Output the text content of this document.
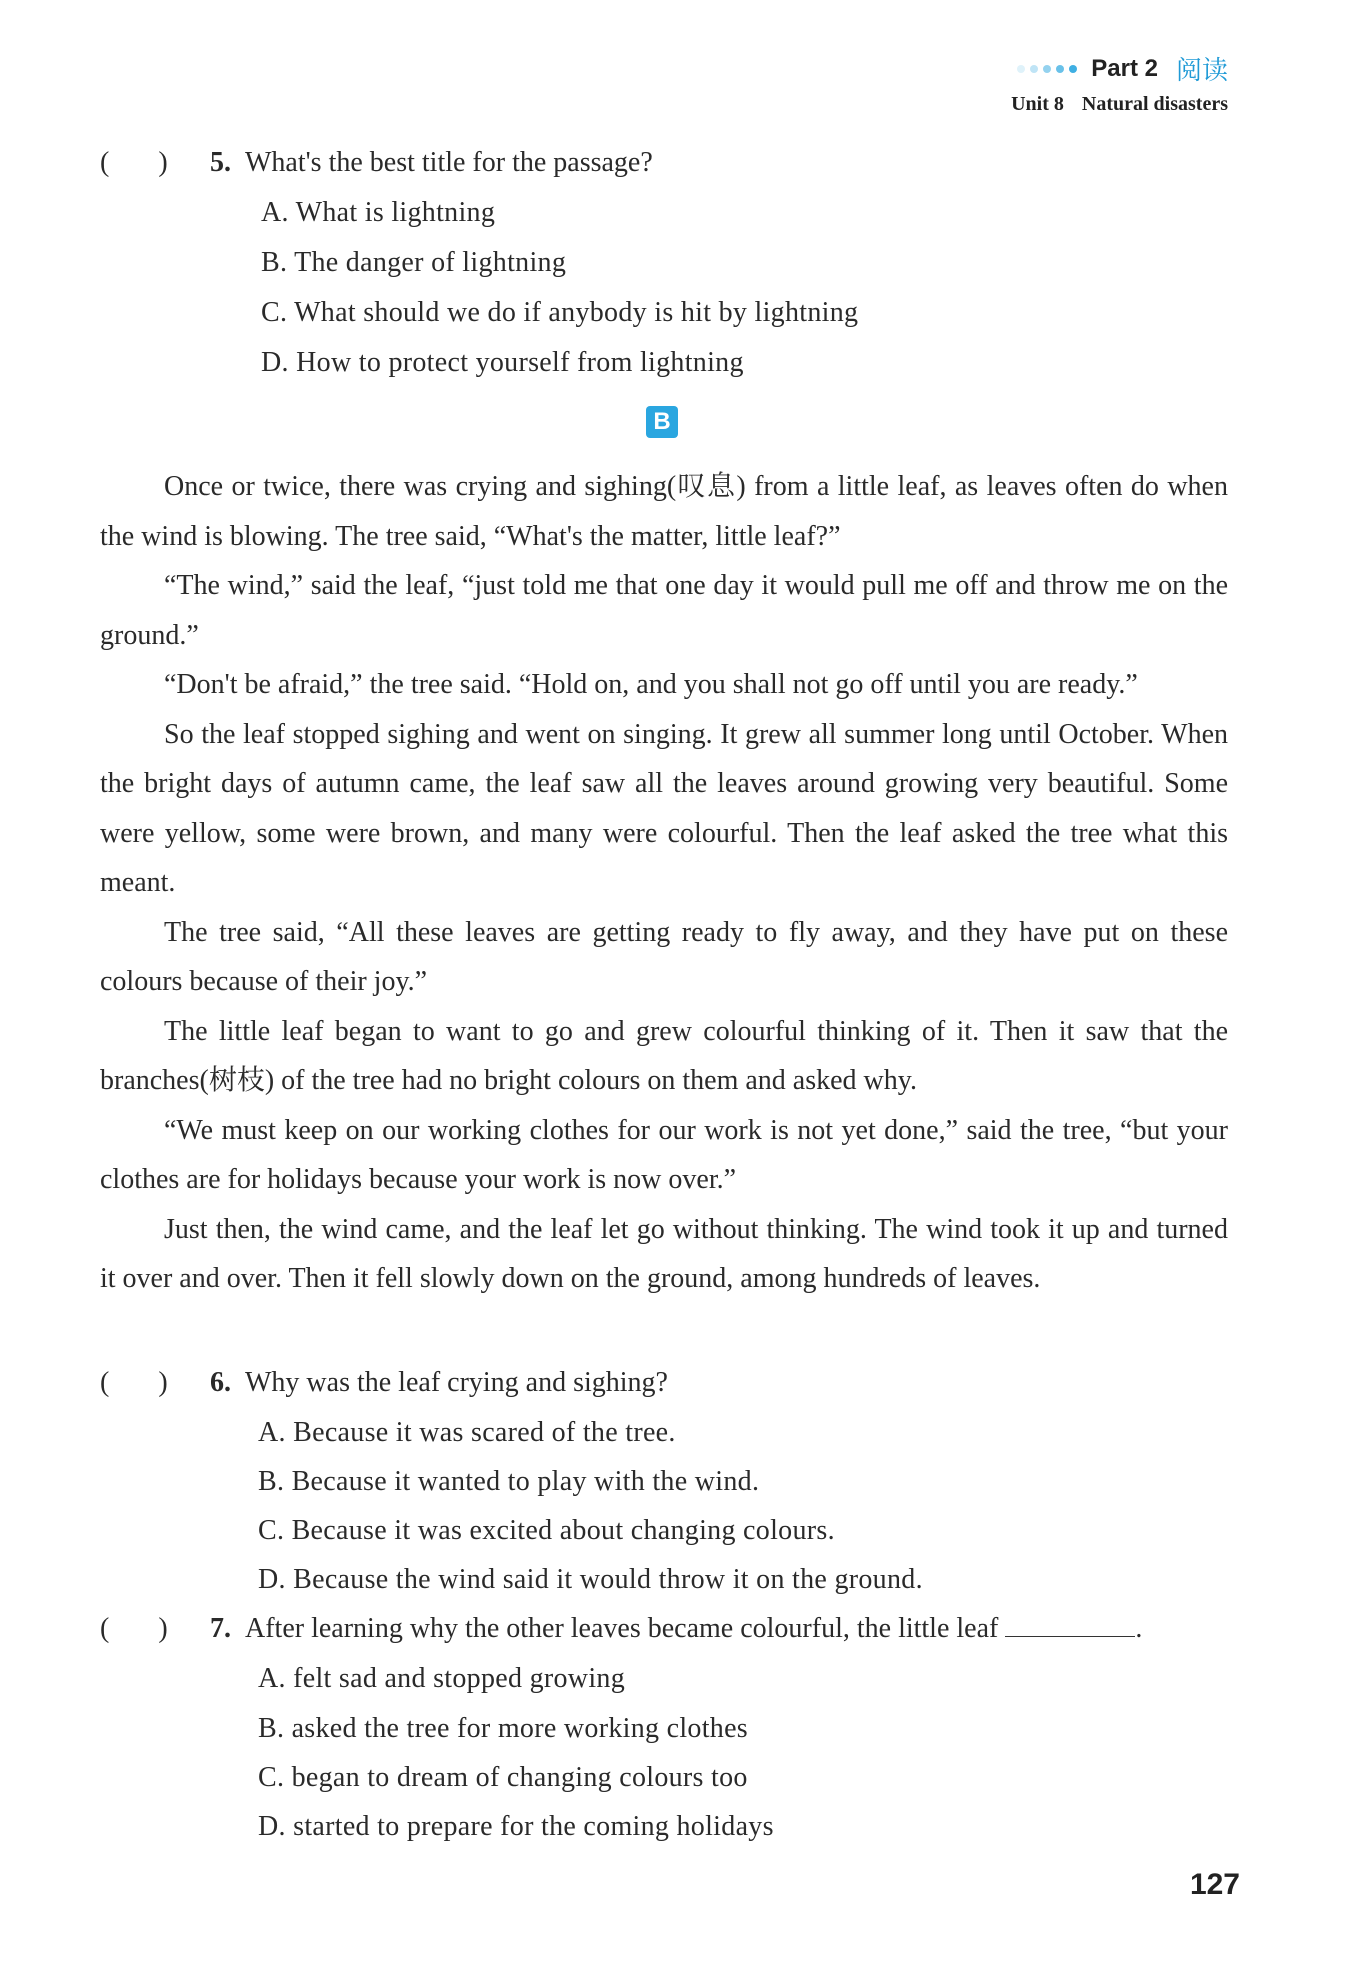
Part 2 阅读
Unit 8 Natural disasters
(       ) 5. What's the best title for the passage?
A. What is lightning
B. The danger of lightning
C. What should we do if anybody is hit by lightning
D. How to protect yourself from lightning
B

Once or twice, there was crying and sighing(叹息) from a little leaf, as leaves often do when the wind is blowing. The tree said, “What's the matter, little leaf?”

“The wind,” said the leaf, “just told me that one day it would pull me off and throw me on the ground.”

“Don't be afraid,” the tree said. “Hold on, and you shall not go off until you are ready.”

So the leaf stopped sighing and went on singing. It grew all summer long until October. When the bright days of autumn came, the leaf saw all the leaves around growing very beautiful. Some were yellow, some were brown, and many were colourful. Then the leaf asked the tree what this meant.

The tree said, “All these leaves are getting ready to fly away, and they have put on these colours because of their joy.”

The little leaf began to want to go and grew colourful thinking of it. Then it saw that the branches(树枝) of the tree had no bright colours on them and asked why.

“We must keep on our working clothes for our work is not yet done,” said the tree, “but your clothes are for holidays because your work is now over.”

Just then, the wind came, and the leaf let go without thinking. The wind took it up and turned it over and over. Then it fell slowly down on the ground, among hundreds of leaves.

(       ) 6. Why was the leaf crying and sighing?
A. Because it was scared of the tree.
B. Because it wanted to play with the wind.
C. Because it was excited about changing colours.
D. Because the wind said it would throw it on the ground.
(       ) 7. After learning why the other leaves became colourful, the little leaf	.
A. felt sad and stopped growing
B. asked the tree for more working clothes
C. began to dream of changing colours too
D. started to prepare for the coming holidays
127
